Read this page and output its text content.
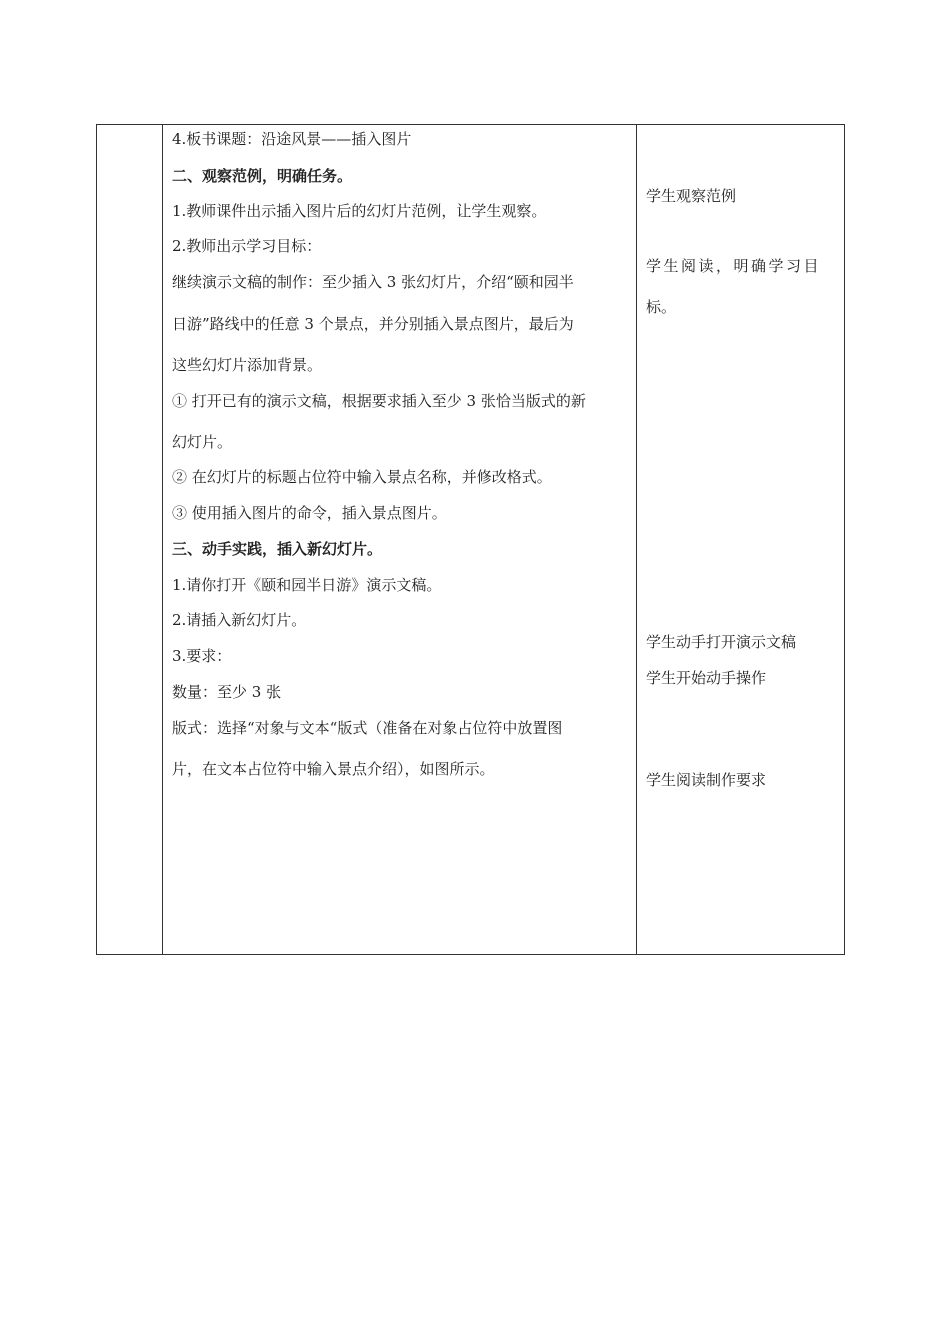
4.板书课题：沿途风景——插入图片
二、观察范例，明确任务。
1.教师课件出示插入图片后的幻灯片范例，让学生观察。
2.教师出示学习目标：
继续演示文稿的制作：至少插入 3 张幻灯片，介绍“颐和园半
日游”路线中的任意 3 个景点，并分别插入景点图片，最后为
这些幻灯片添加背景。
① 打开已有的演示文稿，根据要求插入至少 3 张恰当版式的新
幻灯片。
② 在幻灯片的标题占位符中输入景点名称，并修改格式。
③ 使用插入图片的命令，插入景点图片。
三、动手实践，插入新幻灯片。
1.请你打开《颐和园半日游》演示文稿。
2.请插入新幻灯片。
3.要求：
数量：至少 3 张
版式：选择“对象与文本“版式（准备在对象占位符中放置图
片，在文本占位符中输入景点介绍），如图所示。
学生观察范例
学生阅读，明确学习目
标。
学生动手打开演示文稿
学生开始动手操作
学生阅读制作要求
